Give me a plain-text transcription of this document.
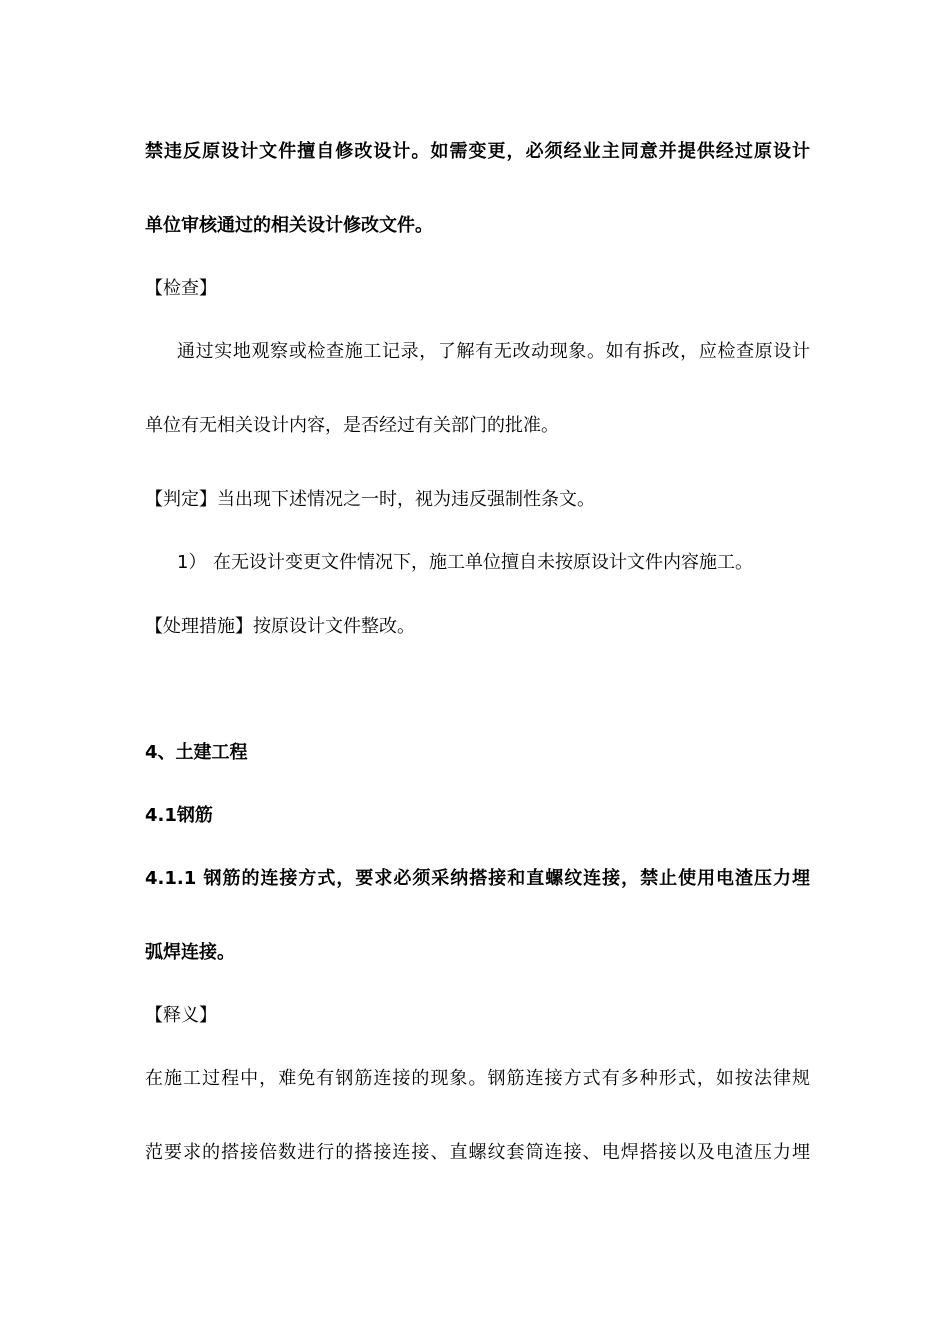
禁违反原设计文件擅自修改设计。如需变更，必须经业主同意并提供经过原设计
单位审核通过的相关设计修改文件。
【检查】
通过实地观察或检查施工记录，了解有无改动现象。如有拆改，应检查原设计
单位有无相关设计内容，是否经过有关部门的批准。
【判定】当出现下述情况之一时，视为违反强制性条文。
1） 在无设计变更文件情况下，施工单位擅自未按原设计文件内容施工。
【处理措施】按原设计文件整改。
4、土建工程
4.1钢筋
4.1.1 钢筋的连接方式，要求必须采纳搭接和直螺纹连接，禁止使用电渣压力埋
弧焊连接。
【释义】
在施工过程中，难免有钢筋连接的现象。钢筋连接方式有多种形式，如按法律规
范要求的搭接倍数进行的搭接连接、直螺纹套筒连接、电焊搭接以及电渣压力埋
